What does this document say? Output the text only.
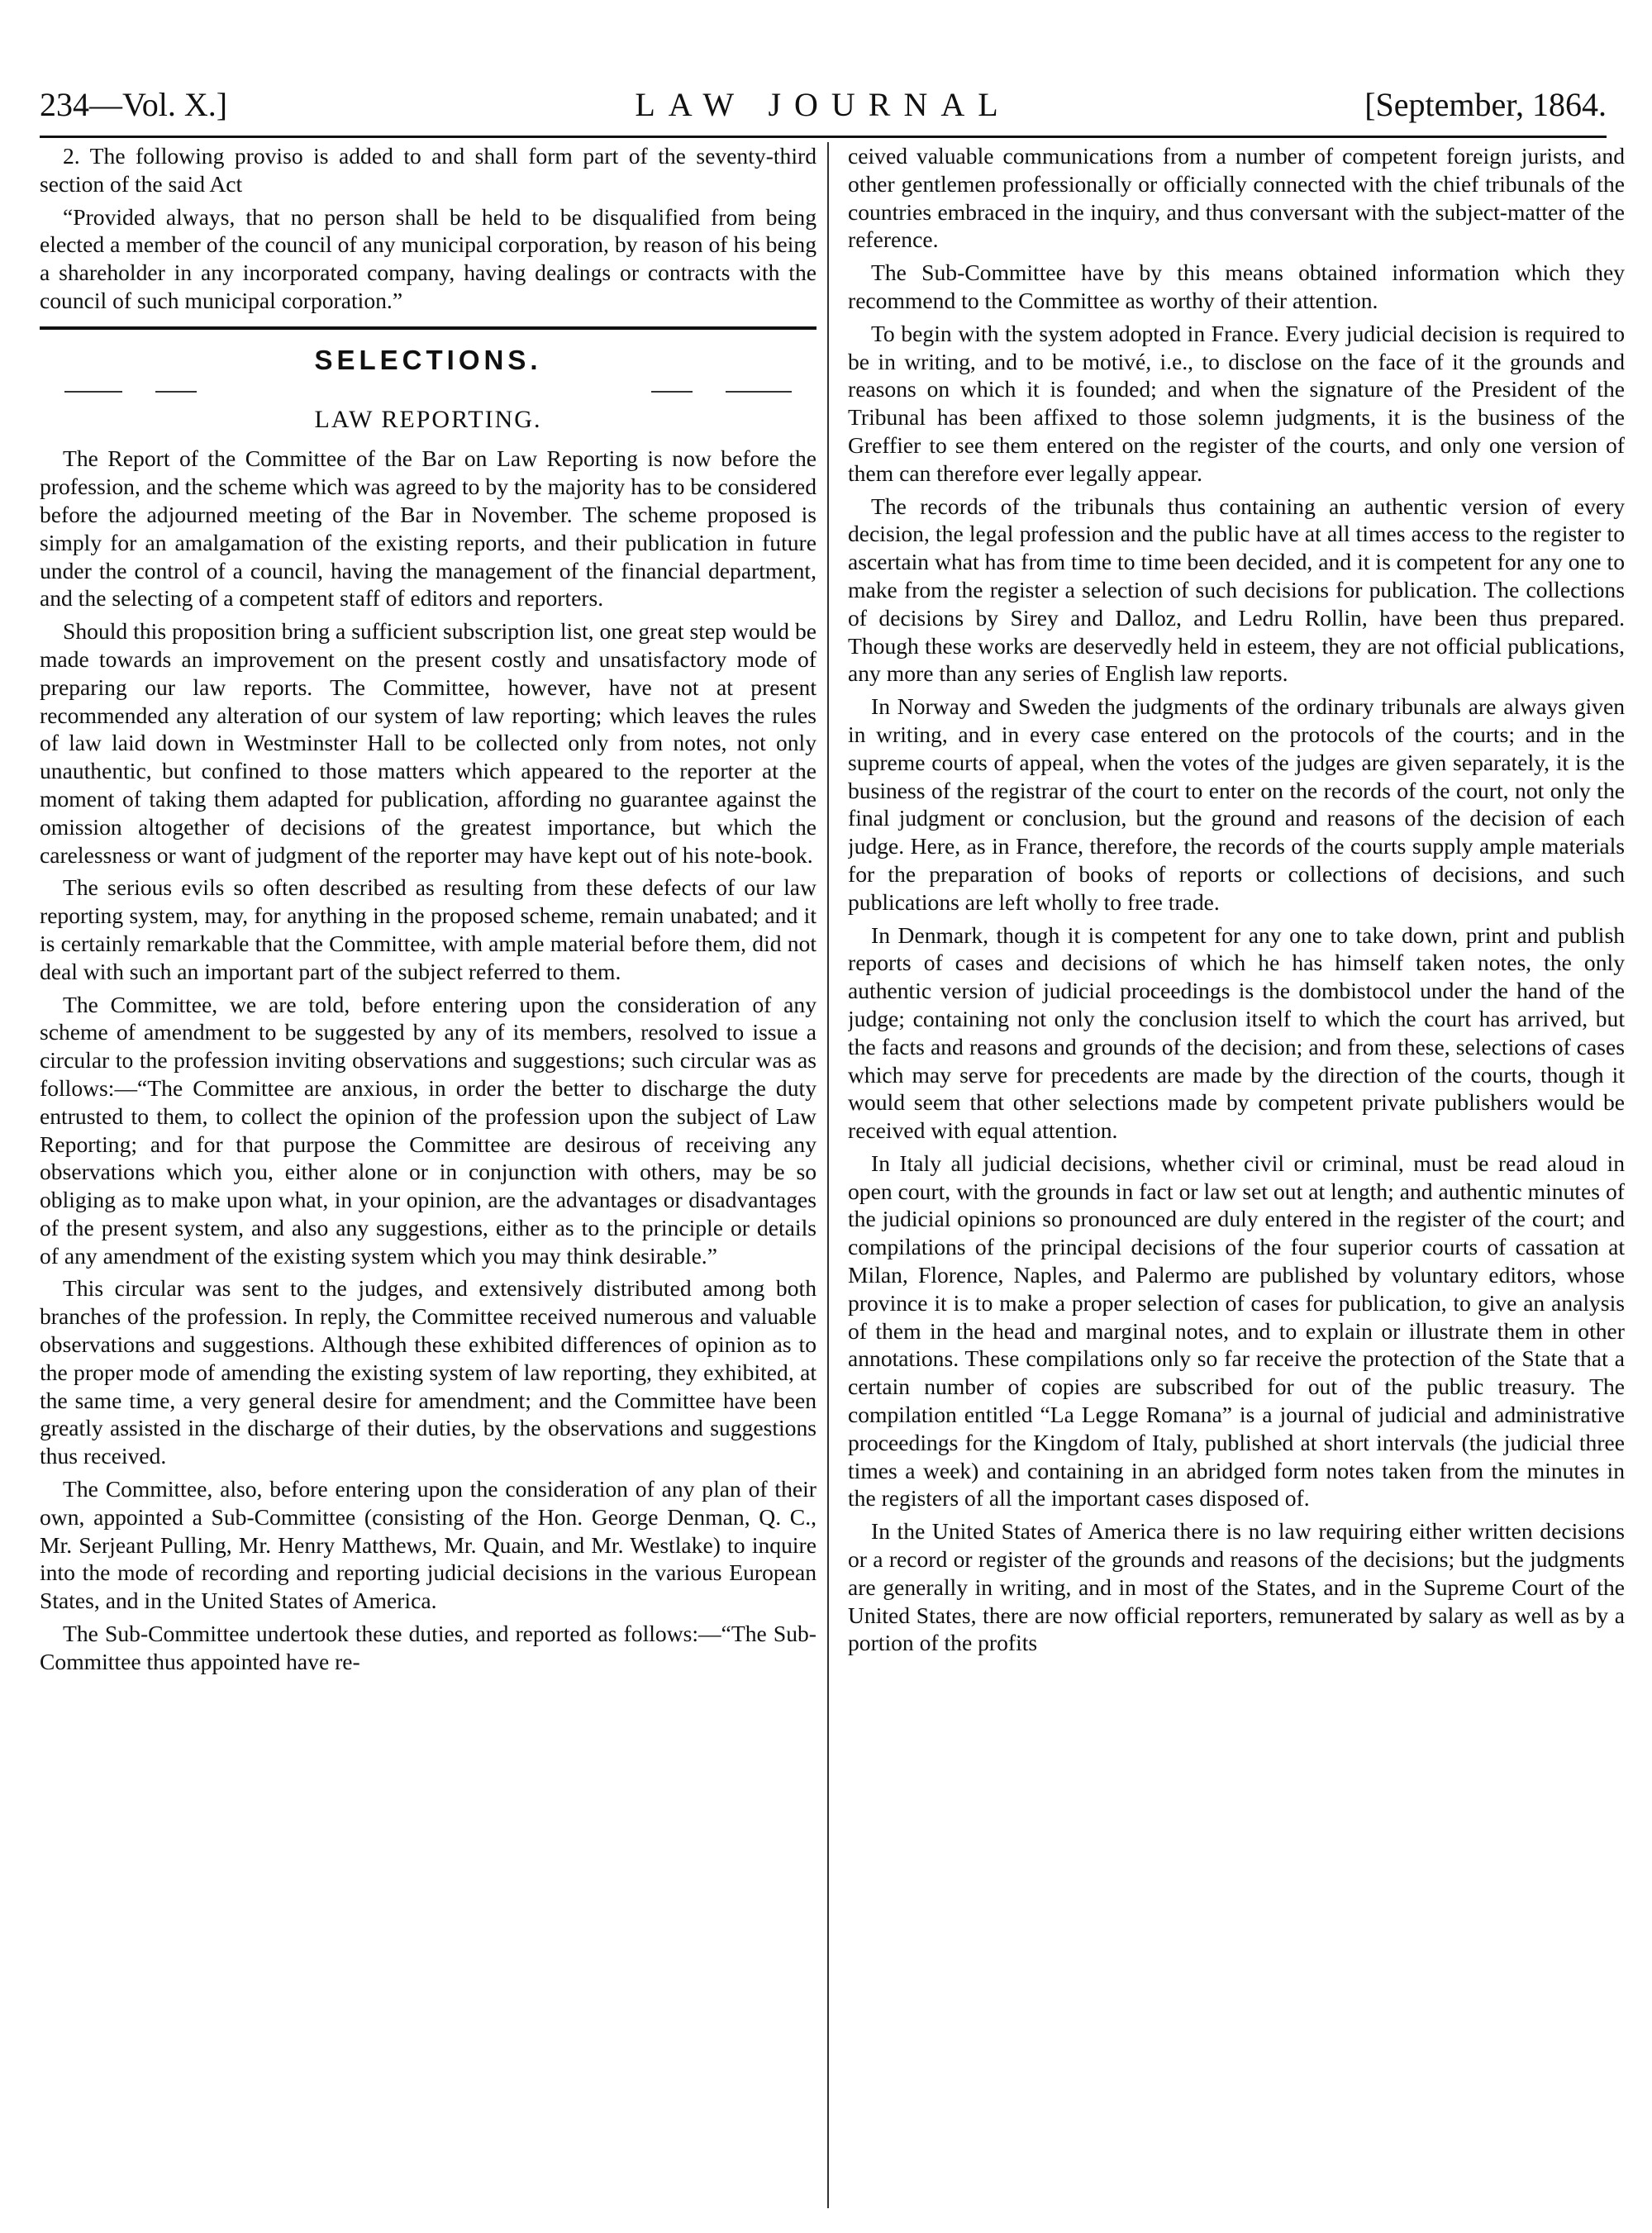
234—Vol. X.]	LAW JOURNAL	[September, 1864.

2. The following proviso is added to and shall form part of the seventy-third section of the said Act

“Provided always, that no person shall be held to be disqualified from being elected a member of the council of any municipal corporation, by reason of his being a shareholder in any incorporated company, having dealings or contracts with the council of such municipal corporation.”

SELECTIONS.
LAW REPORTING.

The Report of the Committee of the Bar on Law Reporting is now before the profession, and the scheme which was agreed to by the majority has to be considered before the adjourned meeting of the Bar in November. The scheme proposed is simply for an amalgamation of the existing reports, and their publication in future under the control of a council, having the management of the financial department, and the selecting of a competent staff of editors and reporters.

Should this proposition bring a sufficient subscription list, one great step would be made towards an improvement on the present costly and unsatisfactory mode of preparing our law reports. The Committee, however, have not at present recommended any alteration of our system of law reporting; which leaves the rules of law laid down in Westminster Hall to be collected only from notes, not only unauthentic, but confined to those matters which appeared to the reporter at the moment of taking them adapted for publication, affording no guarantee against the omission altogether of decisions of the greatest importance, but which the carelessness or want of judgment of the reporter may have kept out of his note-book.

The serious evils so often described as resulting from these defects of our law reporting system, may, for anything in the proposed scheme, remain unabated; and it is certainly remarkable that the Committee, with ample material before them, did not deal with such an important part of the subject referred to them.

The Committee, we are told, before entering upon the consideration of any scheme of amendment to be suggested by any of its members, resolved to issue a circular to the profession inviting observations and suggestions; such circular was as follows:—“The Committee are anxious, in order the better to discharge the duty entrusted to them, to collect the opinion of the profession upon the subject of Law Reporting; and for that purpose the Committee are desirous of receiving any observations which you, either alone or in conjunction with others, may be so obliging as to make upon what, in your opinion, are the advantages or disadvantages of the present system, and also any suggestions, either as to the principle or details of any amendment of the existing system which you may think desirable.”

This circular was sent to the judges, and extensively distributed among both branches of the profession. In reply, the Committee received numerous and valuable observations and suggestions. Although these exhibited differences of opinion as to the proper mode of amending the existing system of law reporting, they exhibited, at the same time, a very general desire for amendment; and the Committee have been greatly assisted in the discharge of their duties, by the observations and suggestions thus received.

The Committee, also, before entering upon the consideration of any plan of their own, appointed a Sub-Committee (consisting of the Hon. George Denman, Q. C., Mr. Serjeant Pulling, Mr. Henry Matthews, Mr. Quain, and Mr. Westlake) to inquire into the mode of recording and reporting judicial decisions in the various European States, and in the United States of America.

The Sub-Committee undertook these duties, and reported as follows:—“The Sub-Committee thus appointed have re-

ceived valuable communications from a number of competent foreign jurists, and other gentlemen professionally or officially connected with the chief tribunals of the countries embraced in the inquiry, and thus conversant with the subject-matter of the reference.

The Sub-Committee have by this means obtained information which they recommend to the Committee as worthy of their attention.

To begin with the system adopted in France. Every judicial decision is required to be in writing, and to be motivé, i.e., to disclose on the face of it the grounds and reasons on which it is founded; and when the signature of the President of the Tribunal has been affixed to those solemn judgments, it is the business of the Greffier to see them entered on the register of the courts, and only one version of them can therefore ever legally appear.

The records of the tribunals thus containing an authentic version of every decision, the legal profession and the public have at all times access to the register to ascertain what has from time to time been decided, and it is competent for any one to make from the register a selection of such decisions for publication. The collections of decisions by Sirey and Dalloz, and Ledru Rollin, have been thus prepared. Though these works are deservedly held in esteem, they are not official publications, any more than any series of English law reports.

In Norway and Sweden the judgments of the ordinary tribunals are always given in writing, and in every case entered on the protocols of the courts; and in the supreme courts of appeal, when the votes of the judges are given separately, it is the business of the registrar of the court to enter on the records of the court, not only the final judgment or conclusion, but the ground and reasons of the decision of each judge. Here, as in France, therefore, the records of the courts supply ample materials for the preparation of books of reports or collections of decisions, and such publications are left wholly to free trade.

In Denmark, though it is competent for any one to take down, print and publish reports of cases and decisions of which he has himself taken notes, the only authentic version of judicial proceedings is the dombistocol under the hand of the judge; containing not only the conclusion itself to which the court has arrived, but the facts and reasons and grounds of the decision; and from these, selections of cases which may serve for precedents are made by the direction of the courts, though it would seem that other selections made by competent private publishers would be received with equal attention.

In Italy all judicial decisions, whether civil or criminal, must be read aloud in open court, with the grounds in fact or law set out at length; and authentic minutes of the judicial opinions so pronounced are duly entered in the register of the court; and compilations of the principal decisions of the four superior courts of cassation at Milan, Florence, Naples, and Palermo are published by voluntary editors, whose province it is to make a proper selection of cases for publication, to give an analysis of them in the head and marginal notes, and to explain or illustrate them in other annotations. These compilations only so far receive the protection of the State that a certain number of copies are subscribed for out of the public treasury. The compilation entitled “La Legge Romana” is a journal of judicial and administrative proceedings for the Kingdom of Italy, published at short intervals (the judicial three times a week) and containing in an abridged form notes taken from the minutes in the registers of all the important cases disposed of.

In the United States of America there is no law requiring either written decisions or a record or register of the grounds and reasons of the decisions; but the judgments are generally in writing, and in most of the States, and in the Supreme Court of the United States, there are now official reporters, remunerated by salary as well as by a portion of the profits
